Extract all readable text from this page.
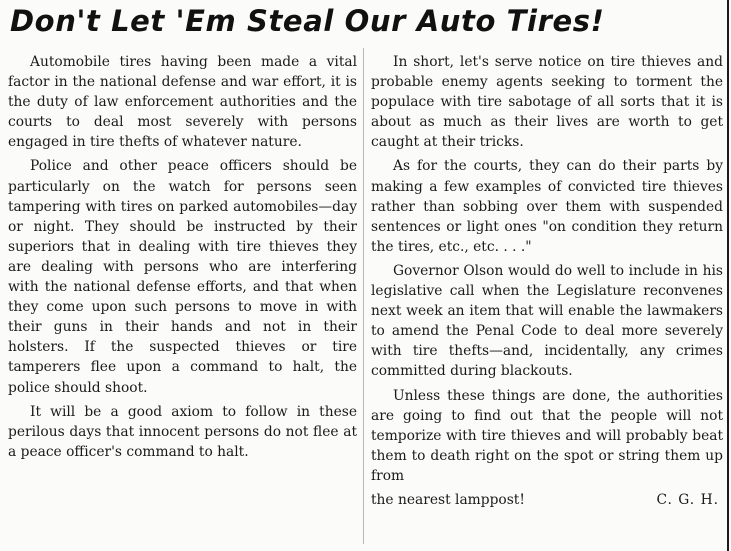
Don't Let 'Em Steal Our Auto Tires!

Automobile tires having been made a vital factor in the national defense and war effort, it is the duty of law enforcement authorities and the courts to deal most severely with persons engaged in tire thefts of whatever nature.

Police and other peace officers should be particularly on the watch for persons seen tampering with tires on parked automobiles—day or night. They should be instructed by their superiors that in dealing with tire thieves they are dealing with persons who are interfering with the national defense efforts, and that when they come upon such persons to move in with their guns in their hands and not in their holsters. If the suspected thieves or tire tamperers flee upon a command to halt, the police should shoot.

It will be a good axiom to follow in these perilous days that innocent persons do not flee at a peace officer's command to halt.

In short, let's serve notice on tire thieves and probable enemy agents seeking to torment the populace with tire sabotage of all sorts that it is about as much as their lives are worth to get caught at their tricks.

As for the courts, they can do their parts by making a few examples of convicted tire thieves rather than sobbing over them with suspended sentences or light ones "on condition they return the tires, etc., etc. . . ."

Governor Olson would do well to include in his legislative call when the Legislature reconvenes next week an item that will enable the lawmakers to amend the Penal Code to deal more severely with tire thefts—and, incidentally, any crimes committed during blackouts.

Unless these things are done, the authorities are going to find out that the people will not temporize with tire thieves and will probably beat them to death right on the spot or string them up from

the nearest lamppost!	C. G. H.
